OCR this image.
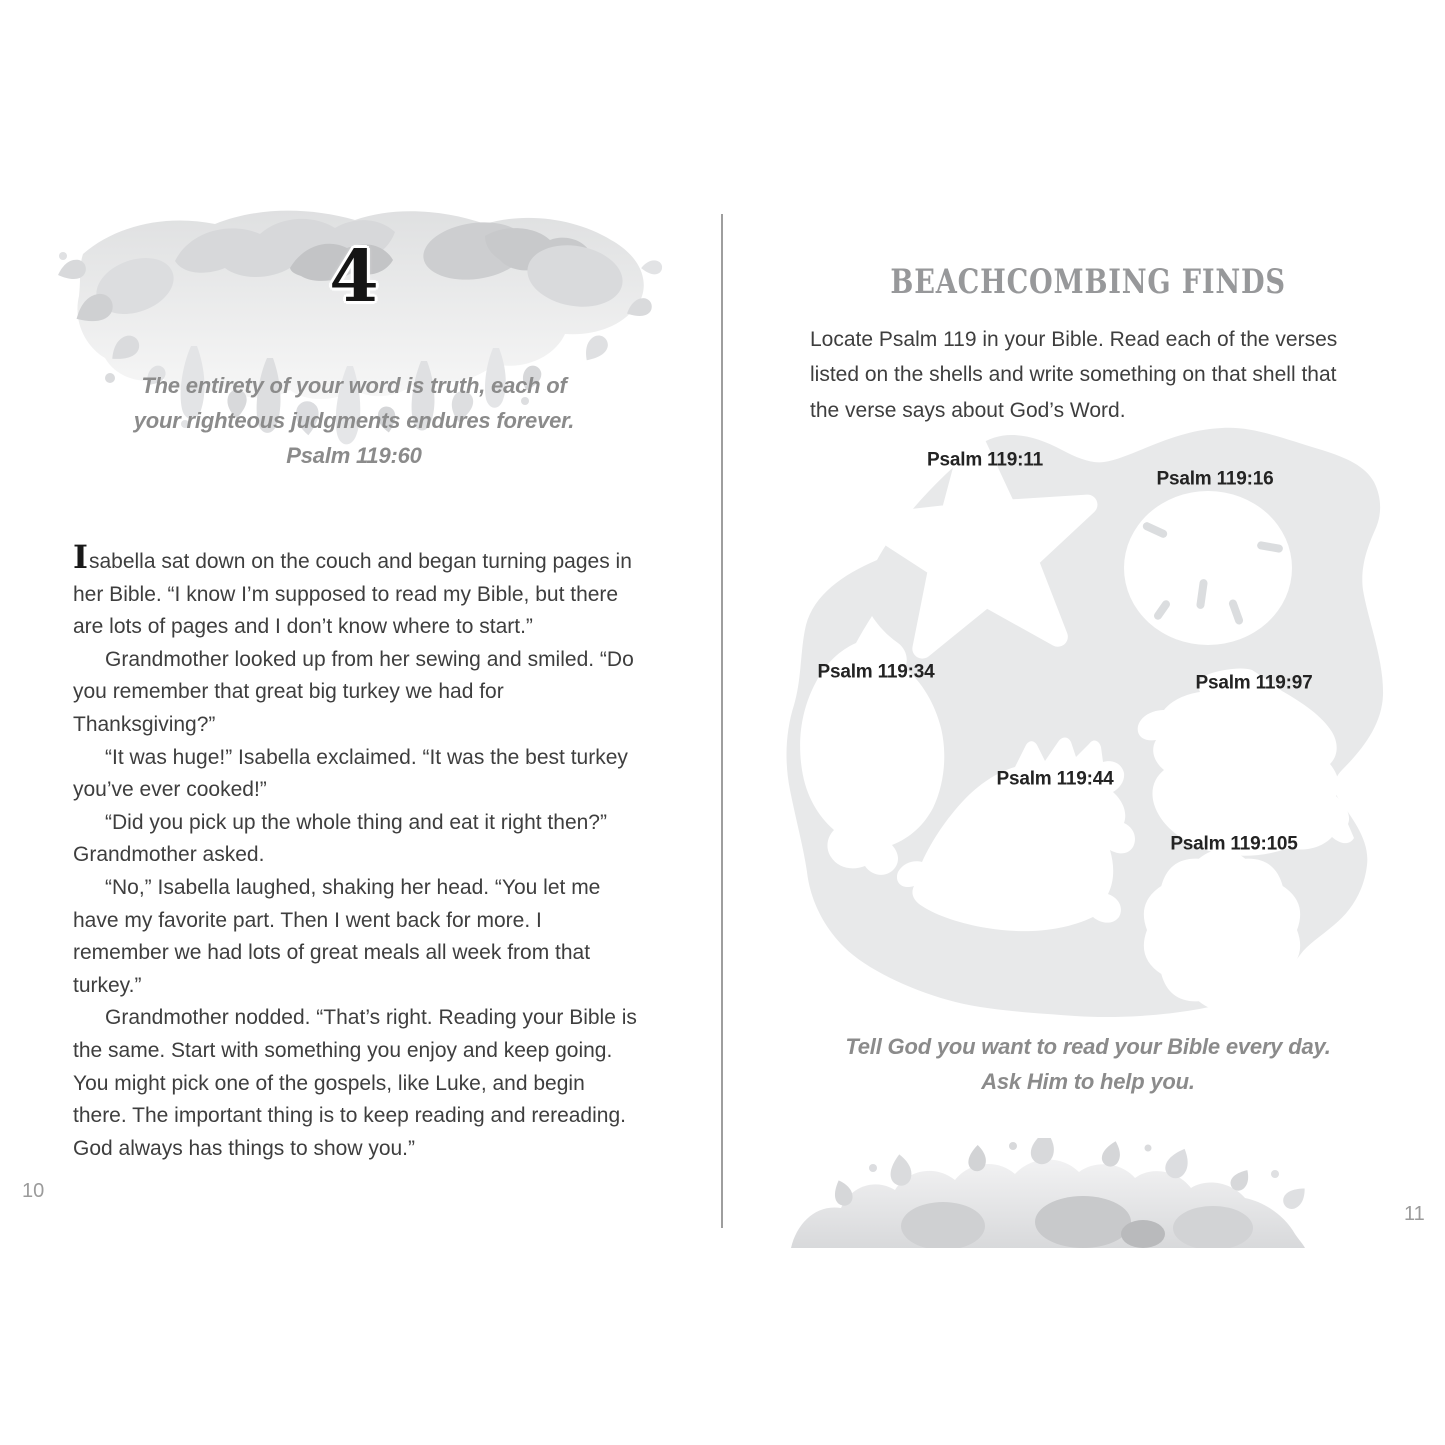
4
The entirety of your word is truth, each of
your righteous judgments endures forever.
Psalm 119:60

Isabella sat down on the couch and began turning pages in her Bible. “I know I’m supposed to read my Bible, but there are lots of pages and I don’t know where to start.”

Grandmother looked up from her sewing and smiled. “Do you remember that great big turkey we had for Thanksgiving?”

“It was huge!” Isabella exclaimed. “It was the best turkey you’ve ever cooked!”

“Did you pick up the whole thing and eat it right then?” Grandmother asked.

“No,” Isabella laughed, shaking her head. “You let me have my favorite part. Then I went back for more. I remember we had lots of great meals all week from that turkey.”

Grandmother nodded. “That’s right. Reading your Bible is the same. Start with something you enjoy and keep going. You might pick one of the gospels, like Luke, and begin there. The important thing is to keep reading and rereading. God always has things to show you.”

10
BEACHCOMBING FINDS

Locate Psalm 119 in your Bible. Read each of the verses listed on the shells and write something on that shell that the verse says about God’s Word.

Psalm 119:11
Psalm 119:16
Psalm 119:34
Psalm 119:97
Psalm 119:44
Psalm 119:105
Tell God you want to read your Bible every day.
Ask Him to help you.
11
